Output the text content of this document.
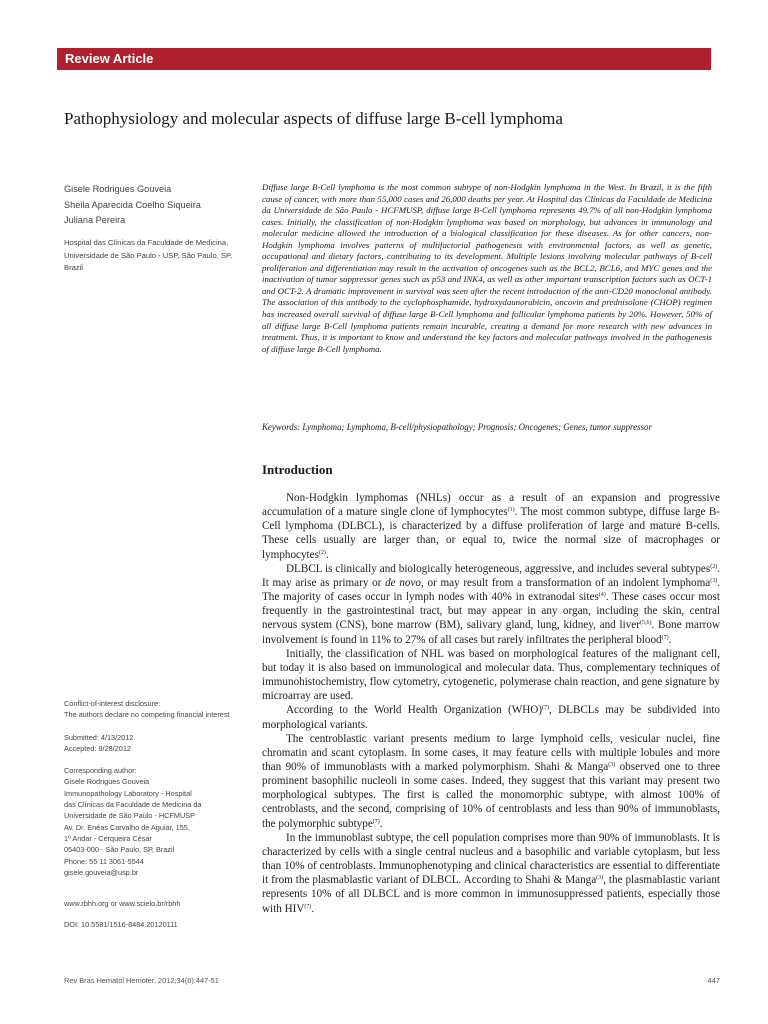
Review Article
Pathophysiology and molecular aspects of diffuse large B-cell lymphoma
Gisele Rodrigues Gouveia
Sheila Aparecida Coelho Siqueira
Juliana Pereira
Hospital das Clínicas da Faculdade de Medicina, Universidade de São Paulo - USP, São Paulo, SP, Brazil
Diffuse large B-Cell lymphoma is the most common subtype of non-Hodgkin lymphoma in the West. In Brazil, it is the fifth cause of cancer, with more than 55,000 cases and 26,000 deaths per year. At Hospital das Clínicas da Faculdade de Medicina da Universidade de São Paulo - HCFMUSP, diffuse large B-Cell lymphoma represents 49.7% of all non-Hodgkin lymphoma cases. Initially, the classification of non-Hodgkin lymphoma was based on morphology, but advances in immunology and molecular medicine allowed the introduction of a biological classification for these diseases. As for other cancers, non-Hodgkin lymphoma involves patterns of multifactorial pathogenesis with environmental factors, as well as genetic, occupational and dietary factors, contributing to its development. Multiple lesions involving molecular pathways of B-cell proliferation and differentiation may result in the activation of oncogenes such as the BCL2, BCL6, and MYC genes and the inactivation of tumor suppressor genes such as p53 and INK4, as well as other important transcription factors such as OCT-1 and OCT-2. A dramatic improvement in survival was seen after the recent introduction of the anti-CD20 monoclonal antibody. The association of this antibody to the cyclophosphamide, hydroxydaunorubicin, oncovin and prednisolone (CHOP) regimen has increased overall survival of diffuse large B-Cell lymphoma and follicular lymphoma patients by 20%. However, 50% of all diffuse large B-Cell lymphoma patients remain incurable, creating a demand for more research with new advances in treatment. Thus, it is important to know and understand the key factors and molecular pathways involved in the pathogenesis of diffuse large B-Cell lymphoma.
Keywords: Lymphoma; Lymphoma, B-cell/physiopathology; Prognosis; Oncogenes; Genes, tumor suppressor
Introduction

Non-Hodgkin lymphomas (NHLs) occur as a result of an expansion and progressive accumulation of a mature single clone of lymphocytes$^{(1)}$. The most common subtype, diffuse large B-Cell lymphoma (DLBCL), is characterized by a diffuse proliferation of large and mature B-cells. These cells usually are larger than, or equal to, twice the normal size of macrophages or lymphocytes$^{(2)}$.

DLBCL is clinically and biologically heterogeneous, aggressive, and includes several subtypes$^{(2)}$. It may arise as primary or de novo, or may result from a transformation of an indolent lymphoma$^{(3)}$. The majority of cases occur in lymph nodes with 40% in extranodal sites$^{(4)}$. These cases occur most frequently in the gastrointestinal tract, but may appear in any organ, including the skin, central nervous system (CNS), bone marrow (BM), salivary gland, lung, kidney, and liver$^{(5,6)}$. Bone marrow involvement is found in 11% to 27% of all cases but rarely infiltrates the peripheral blood$^{(7)}$.

Initially, the classification of NHL was based on morphological features of the malignant cell, but today it is also based on immunological and molecular data. Thus, complementary techniques of immunohistochemistry, flow cytometry, cytogenetic, polymerase chain reaction, and gene signature by microarray are used.

According to the World Health Organization (WHO)$^{(7)}$, DLBCLs may be subdivided into morphological variants.

The centroblastic variant presents medium to large lymphoid cells, vesicular nuclei, fine chromatin and scant cytoplasm. In some cases, it may feature cells with multiple lobules and more than 90% of immunoblasts with a marked polymorphism. Shahi & Manga$^{(3)}$ observed one to three prominent basophilic nucleoli in some cases. Indeed, they suggest that this variant may present two morphological subtypes. The first is called the monomorphic subtype, with almost 100% of centroblasts, and the second, comprising of 10% of centroblasts and less than 90% of immunoblasts, the polymorphic subtype$^{(7)}$.

In the immunoblast subtype, the cell population comprises more than 90% of immunoblasts. It is characterized by cells with a single central nucleus and a basophilic and variable cytoplasm, but less than 10% of centroblasts. Immunophenotyping and clinical characteristics are essential to differentiate it from the plasmablastic variant of DLBCL. According to Shahi & Manga$^{(3)}$, the plasmablastic variant represents 10% of all DLBCL and is more common in immunosuppressed patients, especially those with HIV$^{(7)}$.

Conflict-of-interest disclosure:

The authors declare no competing financial interest

Submitted: 4/13/2012

Accepted: 9/28/2012

Corresponding author:

Gisele Rodrigues Gouveia

Immunopathology Laboratory - Hospital

das Clínicas da Faculdade de Medicina da

Universidade de São Paulo - HCFMUSP

Av. Dr. Enéas Carvalho de Aguiar, 155,

1º Andar - Cerqueira César

05403-000 - São Paulo, SP, Brazil

Phone: 55 11 3061-5544

gisele.gouveia@usp.br

www.rbhh.org or www.scielo.br/rbhh

DOI: 10.5581/1516-8484.20120111

Rev Bras Hematol Hemoter. 2012;34(6):447-51	447
